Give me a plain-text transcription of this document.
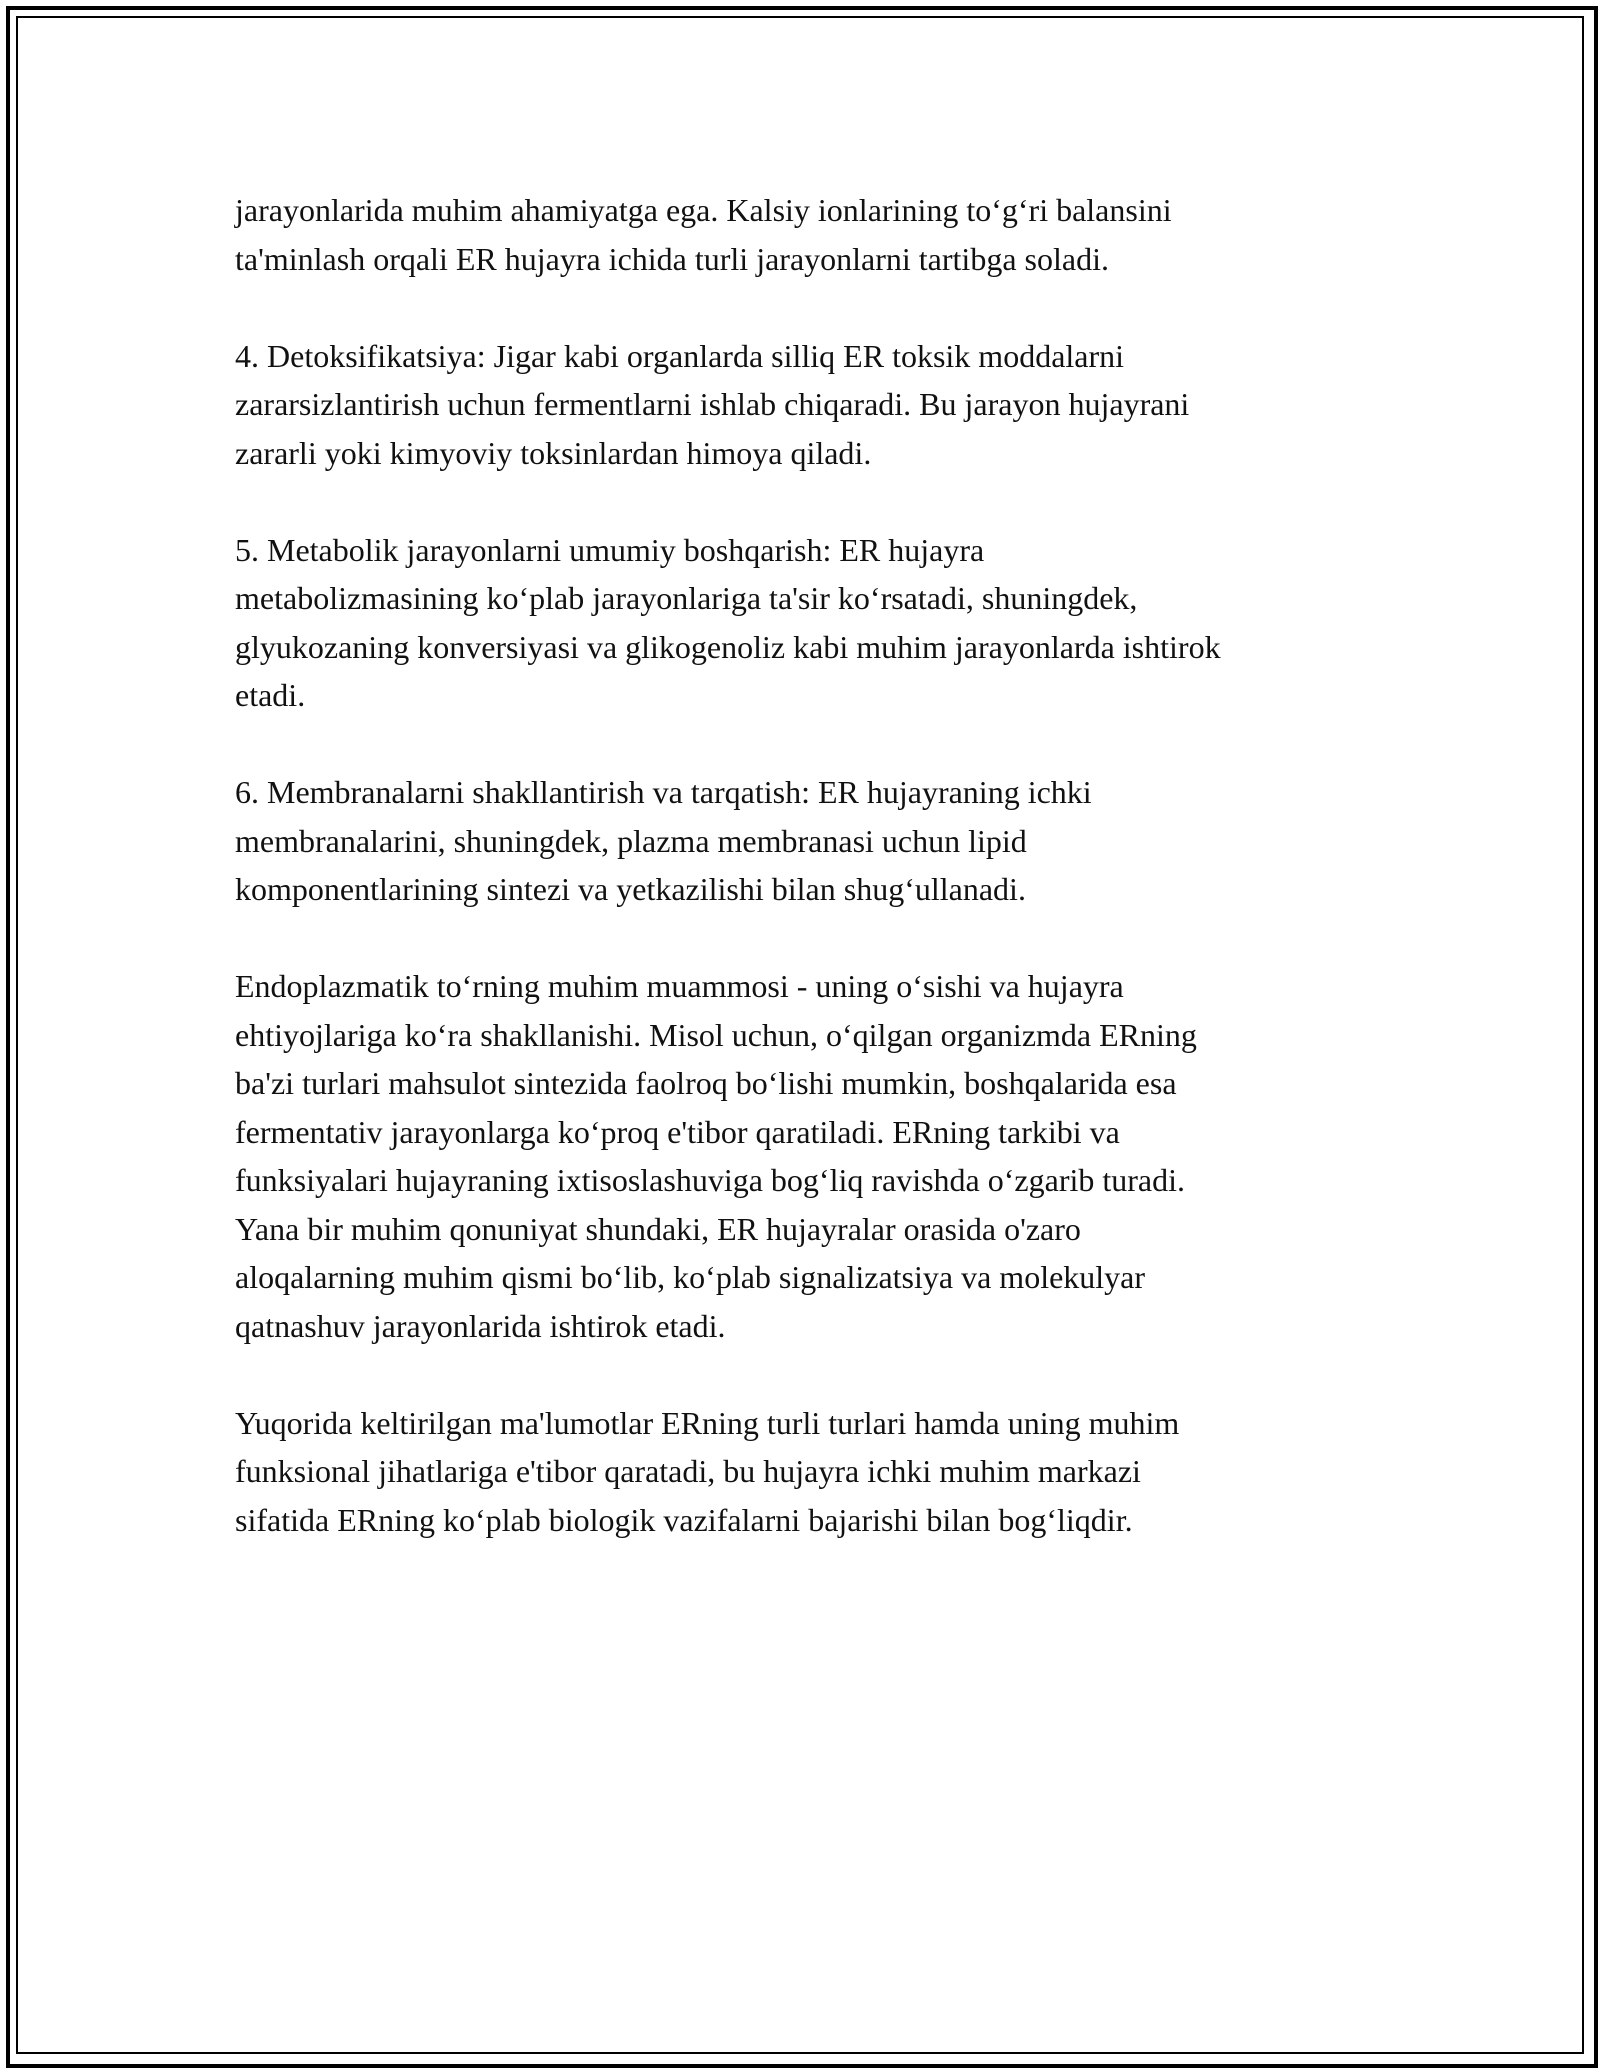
jarayonlarida muhim ahamiyatga ega. Kalsiy ionlarining to‘g‘ri balansini
ta'minlash orqali ER hujayra ichida turli jarayonlarni tartibga soladi.

4. Detoksifikatsiya: Jigar kabi organlarda silliq ER toksik moddalarni
zararsizlantirish uchun fermentlarni ishlab chiqaradi. Bu jarayon hujayrani
zararli yoki kimyoviy toksinlardan himoya qiladi.

5. Metabolik jarayonlarni umumiy boshqarish: ER hujayra
metabolizmasining ko‘plab jarayonlariga ta'sir ko‘rsatadi, shuningdek,
glyukozaning konversiyasi va glikogenoliz kabi muhim jarayonlarda ishtirok
etadi.

6. Membranalarni shakllantirish va tarqatish: ER hujayraning ichki
membranalarini, shuningdek, plazma membranasi uchun lipid
komponentlarining sintezi va yetkazilishi bilan shug‘ullanadi.

Endoplazmatik to‘rning muhim muammosi - uning o‘sishi va hujayra
ehtiyojlariga ko‘ra shakllanishi. Misol uchun, o‘qilgan organizmda ERning
ba'zi turlari mahsulot sintezida faolroq bo‘lishi mumkin, boshqalarida esa
fermentativ jarayonlarga ko‘proq e'tibor qaratiladi. ERning tarkibi va
funksiyalari hujayraning ixtisoslashuviga bog‘liq ravishda o‘zgarib turadi.
Yana bir muhim qonuniyat shundaki, ER hujayralar orasida o'zaro
aloqalarning muhim qismi bo‘lib, ko‘plab signalizatsiya va molekulyar
qatnashuv jarayonlarida ishtirok etadi.

Yuqorida keltirilgan ma'lumotlar ERning turli turlari hamda uning muhim
funksional jihatlariga e'tibor qaratadi, bu hujayra ichki muhim markazi
sifatida ERning ko‘plab biologik vazifalarni bajarishi bilan bog‘liqdir.
